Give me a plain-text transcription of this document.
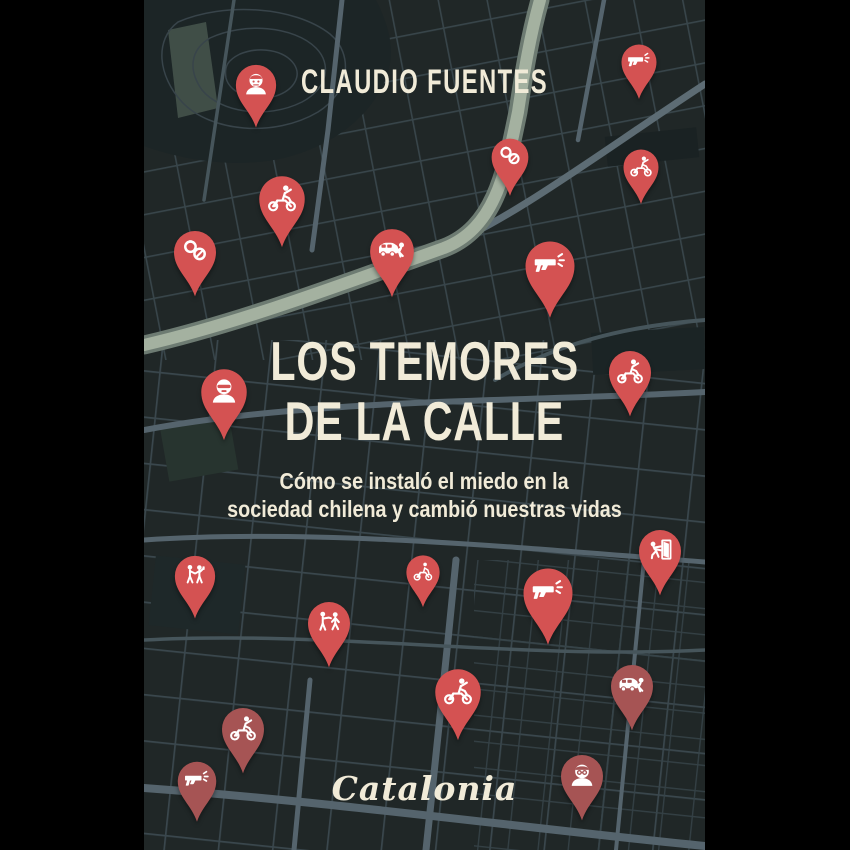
CLAUDIO FUENTES
LOS TEMORES
DE LA CALLE
Cómo se instaló el miedo en la
sociedad chilena y cambió nuestras vidas
Catalonia
